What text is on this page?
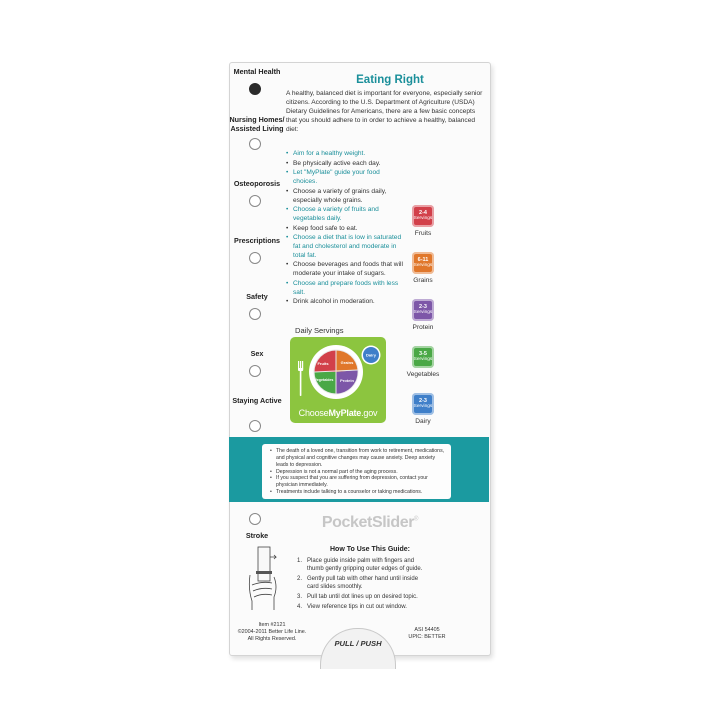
Mental Health
Nursing Homes/ Assisted Living
Osteoporosis
Prescriptions
Safety
Sex
Staying Active
Stroke
Eating Right
A healthy, balanced diet is important for everyone, especially senior citizens. According to the U.S. Department of Agriculture (USDA) Dietary Guidelines for Americans, there are a few basic concepts that you should adhere to in order to achieve a healthy, balanced diet:
• Aim for a healthy weight.
• Be physically active each day.
• Let "MyPlate" guide your food choices.
• Choose a variety of grains daily, especially whole grains.
• Choose a variety of fruits and vegetables daily.
• Keep food safe to eat.
• Choose a diet that is low in saturated fat and cholesterol and moderate in total fat.
• Choose beverages and foods that will moderate your intake of sugars.
• Choose and prepare foods with less salt.
• Drink alcohol in moderation.
2-4
Servings
Fruits
6-11
Servings
Grains
2-3
Servings
Protein
3-5
Servings
Vegetables
2-3
Servings
Dairy
Daily Servings
Fruits	Grains
Vegetables Protein
Dairy
ChooseMyPlate.gov
• The death of a loved one, transition from work to retirement, medications, and physical and cognitive changes may cause anxiety. Deep anxiety leads to depression.
• Depression is not a normal part of the aging process.
• If you suspect that you are suffering from depression, contact your physician immediately.
• Treatments include talking to a counselor or taking medications.
PocketSlider®
How To Use This Guide:
1. Place guide inside palm with fingers and thumb gently gripping outer edges of guide.
2. Gently pull tab with other hand until inside card slides smoothly.
3. Pull tab until dot lines up on desired topic.
4. View reference tips in cut out window.
Item #2121
©2004-2011 Better Life Line.
All Rights Reserved.	PULL / PUSH
ASI 54405
UPIC: BETTER
